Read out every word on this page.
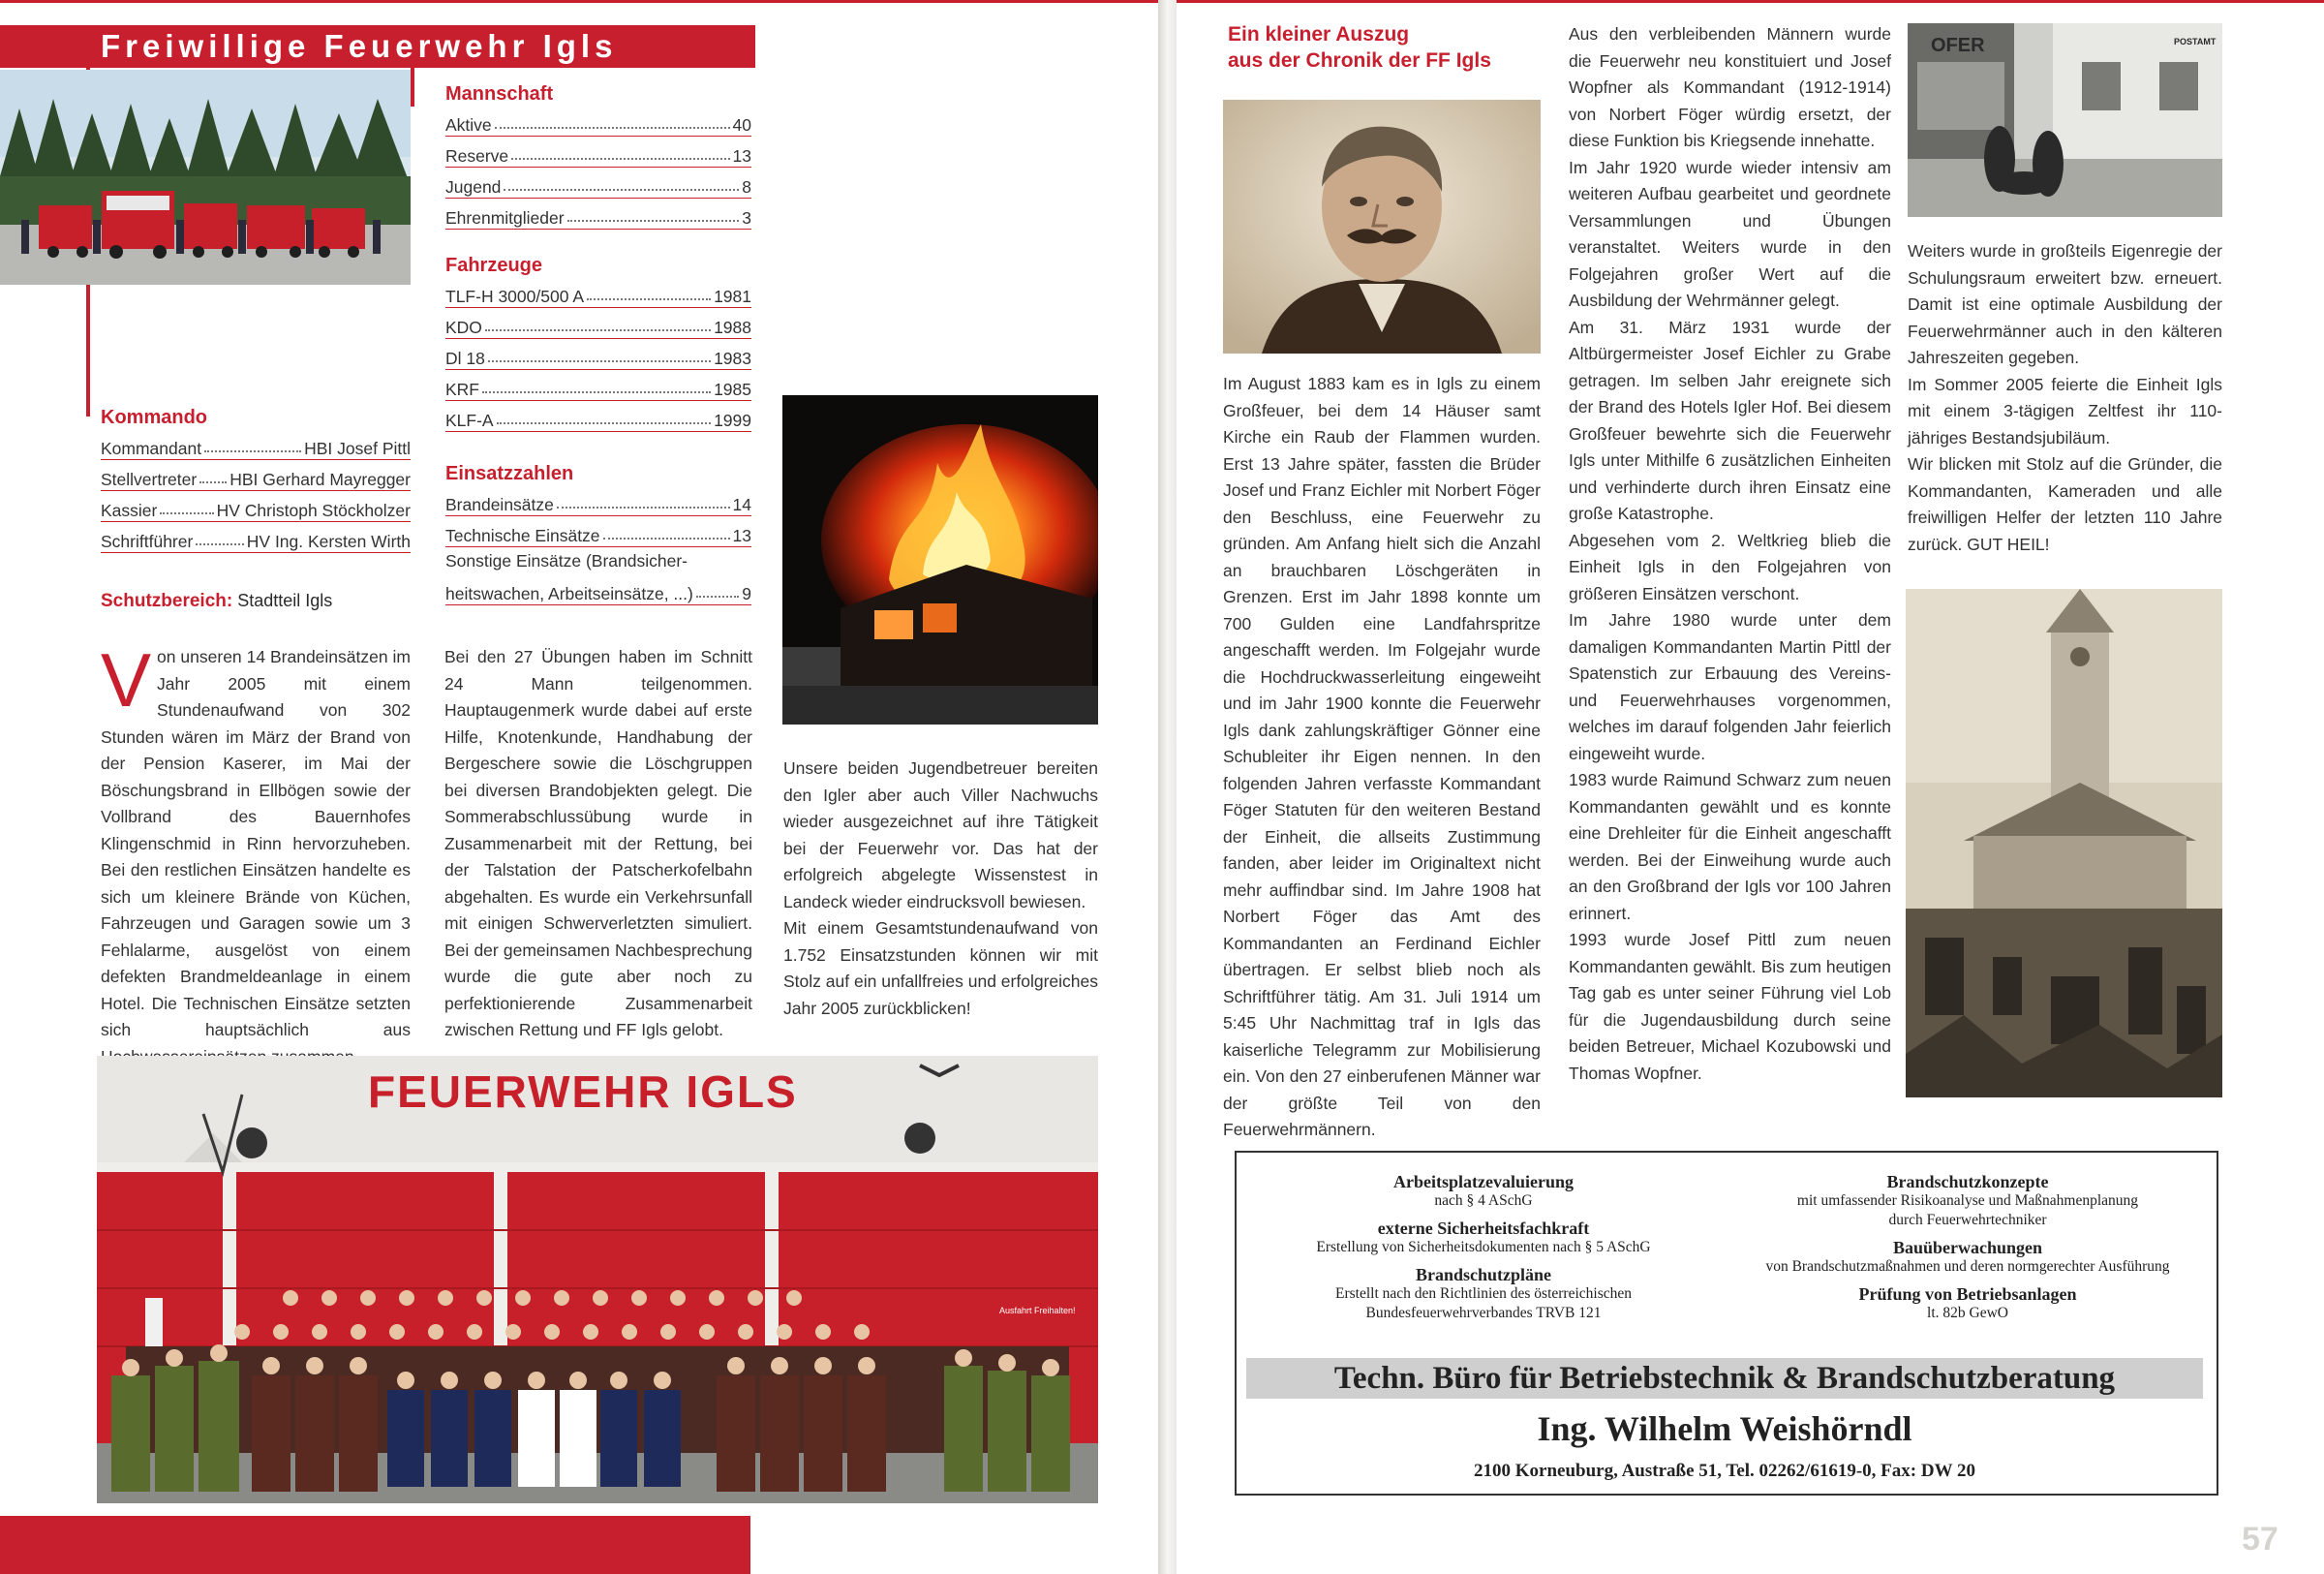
Freiwillige Feuerwehr Igls
Mannschaft
Aktive	40
Reserve	13
Jugend	8
Ehrenmitglieder	3
Fahrzeuge
TLF-H 3000/500 A	1981
KDO	1988
Dl 18	1983
KRF	1985
KLF-A	1999
Einsatzzahlen
Brandeinsätze	14
Technische Einsätze	13
Sonstige Einsätze (Brandsicher-
heitswachen, Arbeitseinsätze, ...)	9
Kommando
Kommandant	HBI Josef Pittl
Stellvertreter HBI Gerhard Mayregger
Kassier	HV Christoph Stöckholzer
Schriftführer	HV Ing. Kersten Wirth
Schutzbereich: Stadtteil Igls
V on unseren 14 Brandeinsätzen im Jahr 2005 mit einem Stundenaufwand von 302 Stunden wären im März der Brand von der Pension Kaserer, im Mai der Böschungsbrand in Ellbögen sowie der Vollbrand des Bauernhofes Klingenschmid in Rinn hervorzuheben. Bei den restlichen Einsätzen handelte es sich um kleinere Brände von Küchen, Fahrzeugen und Garagen sowie um 3 Fehlalarme, ausgelöst von einem defekten Brandmeldeanlage in einem Hotel. Die Technischen Einsätze setzten sich hauptsächlich aus
Bei den 27 Übungen haben im Schnitt 24 Mann teilgenommen. Hauptaugenmerk wurde dabei auf erste Hilfe, Knotenkunde, Handhabung der Bergeschere sowie die Löschgruppen bei diversen Brandobjekten gelegt. Die Sommerabschlussübung wurde in Zusammenarbeit mit der Rettung, bei der Talstation der Patscherkofelbahn abgehalten. Es wurde ein Verkehrsunfall mit einigen Schwerverletzten simuliert. Bei der gemeinsamen Nachbesprechung wurde die gute aber noch zu perfektionierende Zusammenarbeit zwischen Rettung und FF Igls gelobt.

Unsere beiden Jugendbetreuer bereiten den Igler aber auch Viller Nachwuchs wieder ausgezeichnet auf ihre Tätigkeit bei der Feuerwehr vor. Das hat der erfolgreich abgelegte Wissenstest in Landeck wieder eindrucksvoll bewiesen.

Mit einem Gesamtstundenaufwand von 1.752 Einsatzstunden können wir mit Stolz auf ein unfallfreies und erfolgreiches Jahr 2005 zurückblicken!

FEUERWEHR IGLS
Ausfahrt Freihalten!
Ein kleiner Auszug
aus der Chronik der FF Igls
Im August 1883 kam es in Igls zu einem Großfeuer, bei dem 14 Häuser samt Kirche ein Raub der Flammen wurden. Erst 13 Jahre später, fassten die Brüder Josef und Franz Eichler mit Norbert Föger den Beschluss, eine Feuerwehr zu gründen. Am Anfang hielt sich die Anzahl an brauchbaren Löschgeräten in Grenzen. Erst im Jahr 1898 konnte um 700 Gulden eine Landfahrspritze angeschafft werden. Im Folgejahr wurde die Hochdruckwasserleitung eingeweiht und im Jahr 1900 konnte die Feuerwehr Igls dank zahlungskräftiger Gönner eine Schubleiter ihr Eigen nennen. In den folgenden Jahren verfasste Kommandant Föger Statuten für den weiteren Bestand der Einheit, die allseits Zustimmung fanden, aber leider im Originaltext nicht mehr auffindbar sind. Im Jahre 1908 hat Norbert Föger das Amt des Kommandanten an Ferdinand Eichler übertragen. Er selbst blieb noch als Schriftführer tätig. Am 31. Juli 1914 um 5:45 Uhr Nachmittag traf in Igls das kaiserliche Telegramm zur Mobilisierung ein. Von den 27 einberufenen Männer war der größte Teil von den Feuerwehrmännern.

Aus den verbleibenden Männern wurde die Feuerwehr neu konstituiert und Josef Wopfner als Kommandant (1912-1914) von Norbert Föger würdig ersetzt, der diese Funktion bis Kriegsende innehatte.

Im Jahr 1920 wurde wieder intensiv am weiteren Aufbau gearbeitet und geordnete Versammlungen und Übungen veranstaltet. Weiters wurde in den Folgejahren großer Wert auf die Ausbildung der Wehrmänner gelegt.

Am 31. März 1931 wurde der Altbürgermeister Josef Eichler zu Grabe getragen. Im selben Jahr ereignete sich der Brand des Hotels Igler Hof. Bei diesem Großfeuer bewehrte sich die Feuerwehr Igls unter Mithilfe 6 zusätzlichen Einheiten und verhinderte durch ihren Einsatz eine große Katastrophe.

Abgesehen vom 2. Weltkrieg blieb die Einheit Igls in den Folgejahren von größeren Einsätzen verschont.

Im Jahre 1980 wurde unter dem damaligen Kommandanten Martin Pittl der Spatenstich zur Erbauung des Vereins- und Feuerwehrhauses vorgenommen, welches im darauf folgenden Jahr feierlich eingeweiht wurde.

1983 wurde Raimund Schwarz zum neuen Kommandanten gewählt und es konnte eine Drehleiter für die Einheit angeschafft werden. Bei der Einweihung wurde auch an den Großbrand der Igls vor 100 Jahren erinnert.

1993 wurde Josef Pittl zum neuen Kommandanten gewählt. Bis zum heutigen Tag gab es unter seiner Führung viel Lob für die Jugendausbildung durch seine beiden Betreuer, Michael Kozubowski und Thomas Wopfner.

OFER	POSTAMT

Weiters wurde in großteils Eigenregie der Schulungsraum erweitert bzw. erneuert. Damit ist eine optimale Ausbildung der Feuerwehrmänner auch in den kälteren Jahreszeiten gegeben.

Im Sommer 2005 feierte die Einheit Igls mit einem 3-tägigen Zeltfest ihr 110-jähriges Bestandsjubiläum.

Wir blicken mit Stolz auf die Gründer, die Kommandanten, Kameraden und alle freiwilligen Helfer der letzten 110 Jahre zurück. GUT HEIL!

Arbeitsplatzevaluierung
nach § 4 ASchG
externe Sicherheitsfachkraft
Erstellung von Sicherheitsdokumenten nach § 5 ASchG
Brandschutzpläne
Erstellt nach den Richtlinien des österreichischen
Bundesfeuerwehrverbandes TRVB 121
Brandschutzkonzepte
mit umfassender Risikoanalyse und Maßnahmenplanung
durch Feuerwehrtechniker
Bauüberwachungen
von Brandschutzmaßnahmen und deren normgerechter Ausführung
Prüfung von Betriebsanlagen
lt. 82b GewO
Techn. Büro für Betriebstechnik & Brandschutzberatung
Ing. Wilhelm Weishörndl
2100 Korneuburg, Austraße 51, Tel. 02262/61619-0, Fax: DW 20
57
